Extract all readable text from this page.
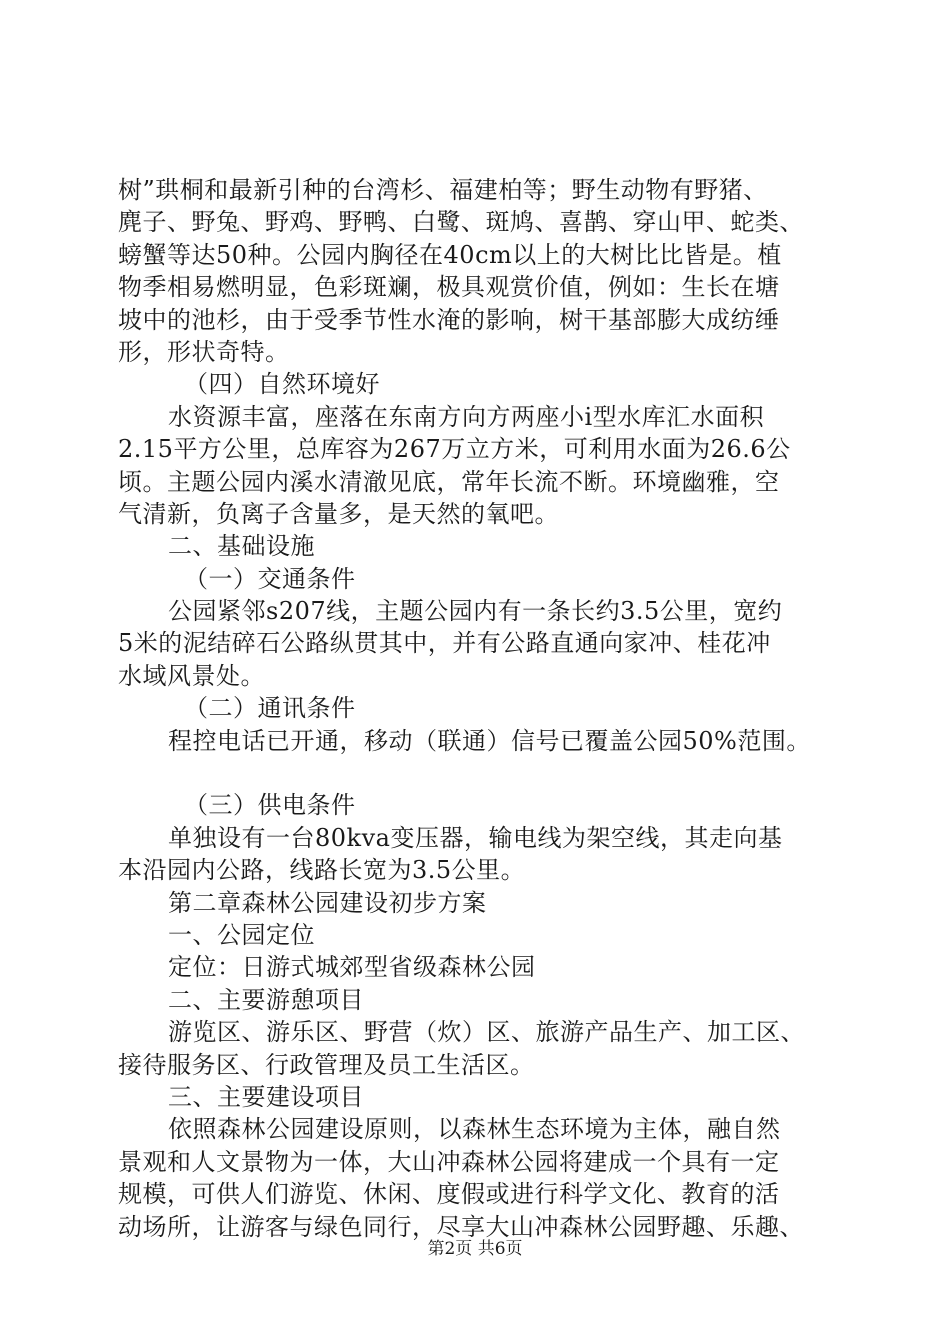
树”珙桐和最新引种的台湾杉、福建柏等；野生动物有野猪、
麂子、野兔、野鸡、野鸭、白鹭、斑鸠、喜鹊、穿山甲、蛇类、
螃蟹等达50种。公园内胸径在40cm以上的大树比比皆是。植
物季相易燃明显，色彩斑斓，极具观赏价值，例如：生长在塘
坡中的池杉，由于受季节性水淹的影响，树干基部膨大成纺缍
形，形状奇特。
（四）自然环境好
水资源丰富，座落在东南方向方两座小ⅰ型水库汇水面积
2.15平方公里，总库容为267万立方米，可利用水面为26.6公
顷。主题公园内溪水清澈见底，常年长流不断。环境幽雅，空
气清新，负离子含量多，是天然的氧吧。
二、基础设施
（一）交通条件
公园紧邻s207线，主题公园内有一条长约3.5公里，宽约
5米的泥结碎石公路纵贯其中，并有公路直通向家冲、桂花冲
水域风景处。
（二）通讯条件
程控电话已开通，移动（联通）信号已覆盖公园50%范围。
（三）供电条件
单独设有一台80kva变压器，输电线为架空线，其走向基
本沿园内公路，线路长宽为3.5公里。
第二章森林公园建设初步方案
一、公园定位
定位：日游式城郊型省级森林公园
二、主要游憩项目
游览区、游乐区、野营（炊）区、旅游产品生产、加工区、
接待服务区、行政管理及员工生活区。
三、主要建设项目
依照森林公园建设原则，以森林生态环境为主体，融自然
景观和人文景物为一体，大山冲森林公园将建成一个具有一定
规模，可供人们游览、休闲、度假或进行科学文化、教育的活
动场所，让游客与绿色同行，尽享大山冲森林公园野趣、乐趣、
第2页 共6页
